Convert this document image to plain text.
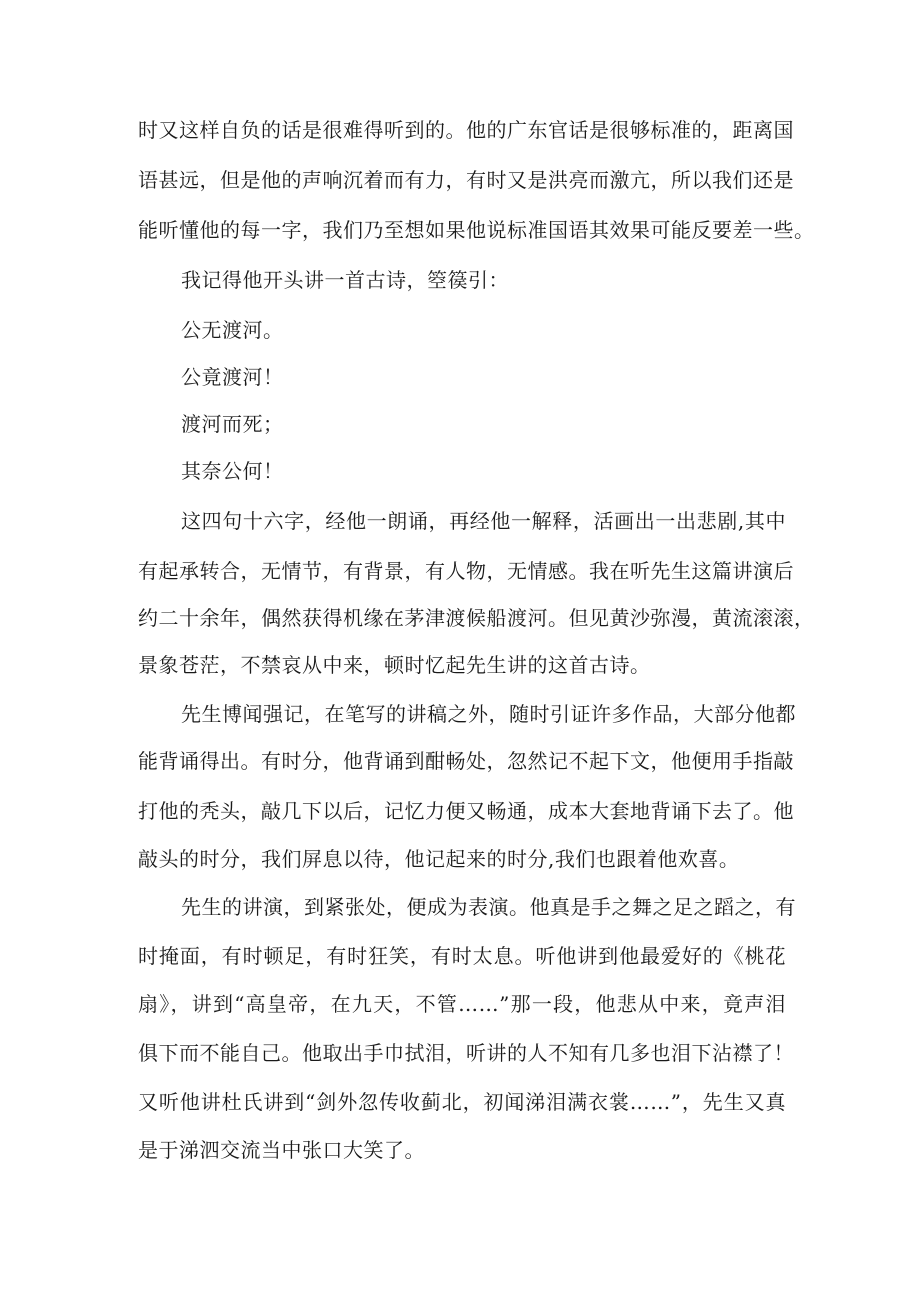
时又这样自负的话是很难得听到的。他的广东官话是很够标准的，距离国

语甚远，但是他的声响沉着而有力，有时又是洪亮而激亢，所以我们还是

能听懂他的每一字，我们乃至想如果他说标准国语其效果可能反要差一些。

我记得他开头讲一首古诗，箜篌引：

公无渡河。

公竟渡河！

渡河而死；

其奈公何！

这四句十六字，经他一朗诵，再经他一解释，活画出一出悲剧,其中

有起承转合，无情节，有背景，有人物，无情感。我在听先生这篇讲演后

约二十余年，偶然获得机缘在茅津渡候船渡河。但见黄沙弥漫，黄流滚滚，

景象苍茫，不禁哀从中来，顿时忆起先生讲的这首古诗。

先生博闻强记，在笔写的讲稿之外，随时引证许多作品，大部分他都

能背诵得出。有时分，他背诵到酣畅处，忽然记不起下文，他便用手指敲

打他的秃头，敲几下以后，记忆力便又畅通，成本大套地背诵下去了。他

敲头的时分，我们屏息以待，他记起来的时分,我们也跟着他欢喜。

先生的讲演，到紧张处，便成为表演。他真是手之舞之足之蹈之，有

时掩面，有时顿足，有时狂笑，有时太息。听他讲到他最爱好的《桃花

扇》，讲到“高皇帝，在九天，不管……”那一段，他悲从中来，竟声泪

俱下而不能自己。他取出手巾拭泪，听讲的人不知有几多也泪下沾襟了！

又听他讲杜氏讲到“剑外忽传收蓟北，初闻涕泪满衣裳……”，先生又真

是于涕泗交流当中张口大笑了。
